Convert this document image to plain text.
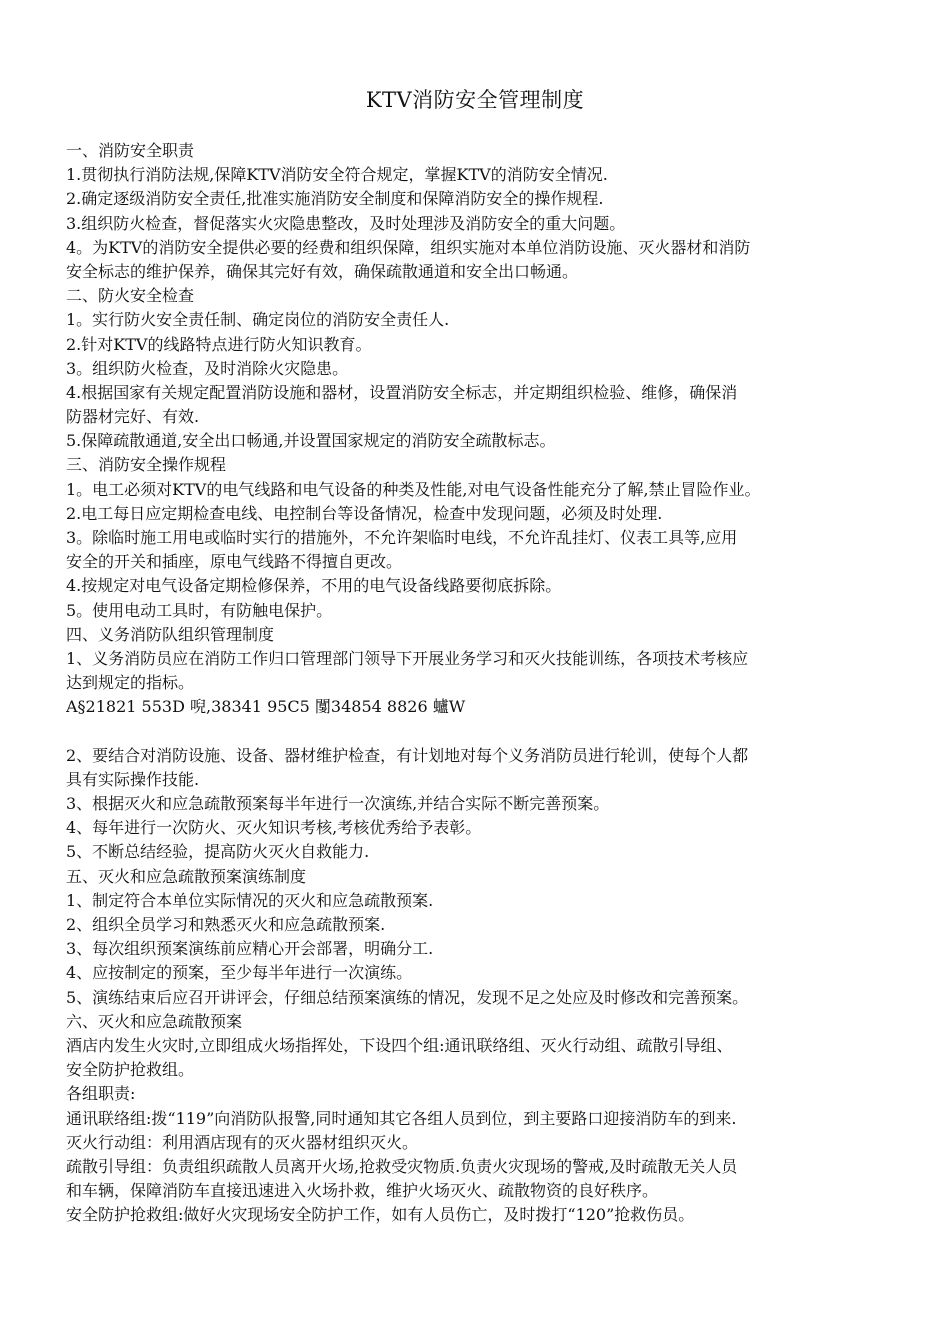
KTV消防安全管理制度
一、消防安全职责
1.贯彻执行消防法规,保障KTV消防安全符合规定，掌握KTV的消防安全情况.
2.确定逐级消防安全责任,批准实施消防安全制度和保障消防安全的操作规程.
3.组织防火检查，督促落实火灾隐患整改，及时处理涉及消防安全的重大问题。
4。为KTV的消防安全提供必要的经费和组织保障，组织实施对本单位消防设施、灭火器材和消防
安全标志的维护保养，确保其完好有效，确保疏散通道和安全出口畅通。
二、防火安全检查
1。实行防火安全责任制、确定岗位的消防安全责任人.
2.针对KTV的线路特点进行防火知识教育。
3。组织防火检查，及时消除火灾隐患。
4.根据国家有关规定配置消防设施和器材，设置消防安全标志，并定期组织检验、维修，确保消
防器材完好、有效.
5.保障疏散通道,安全出口畅通,并设置国家规定的消防安全疏散标志。
三、消防安全操作规程
1。电工必须对KTV的电气线路和电气设备的种类及性能,对电气设备性能充分了解,禁止冒险作业。
2.电工每日应定期检查电线、电控制台等设备情况，检查中发现问题，必须及时处理.
3。除临时施工用电或临时实行的措施外，不允许架临时电线，不允许乱挂灯、仪表工具等,应用
安全的开关和插座，原电气线路不得擅自更改。
4.按规定对电气设备定期检修保养，不用的电气设备线路要彻底拆除。
5。使用电动工具时，有防触电保护。
四、义务消防队组织管理制度
1、义务消防员应在消防工作归口管理部门领导下开展业务学习和灭火技能训练，各项技术考核应
达到规定的指标。
A§21821 553D 唲,38341 95C5 闅34854 8826 蠦W
2、要结合对消防设施、设备、器材维护检查，有计划地对每个义务消防员进行轮训，使每个人都
具有实际操作技能.
3、根据灭火和应急疏散预案每半年进行一次演练,并结合实际不断完善预案。
4、每年进行一次防火、灭火知识考核,考核优秀给予表彰。
5、不断总结经验，提高防火灭火自救能力.
五、灭火和应急疏散预案演练制度
1、制定符合本单位实际情况的灭火和应急疏散预案.
2、组织全员学习和熟悉灭火和应急疏散预案.
3、每次组织预案演练前应精心开会部署，明确分工.
4、应按制定的预案，至少每半年进行一次演练。
5、演练结束后应召开讲评会，仔细总结预案演练的情况，发现不足之处应及时修改和完善预案。
六、灭火和应急疏散预案
酒店内发生火灾时,立即组成火场指挥处，下设四个组:通讯联络组、灭火行动组、疏散引导组、
安全防护抢救组。
各组职责:
通讯联络组:拨“119”向消防队报警,同时通知其它各组人员到位，到主要路口迎接消防车的到来.
灭火行动组：利用酒店现有的灭火器材组织灭火。
疏散引导组：负责组织疏散人员离开火场,抢救受灾物质.负责火灾现场的警戒,及时疏散无关人员
和车辆，保障消防车直接迅速进入火场扑救，维护火场灭火、疏散物资的良好秩序。
安全防护抢救组:做好火灾现场安全防护工作，如有人员伤亡，及时拨打“120”抢救伤员。
